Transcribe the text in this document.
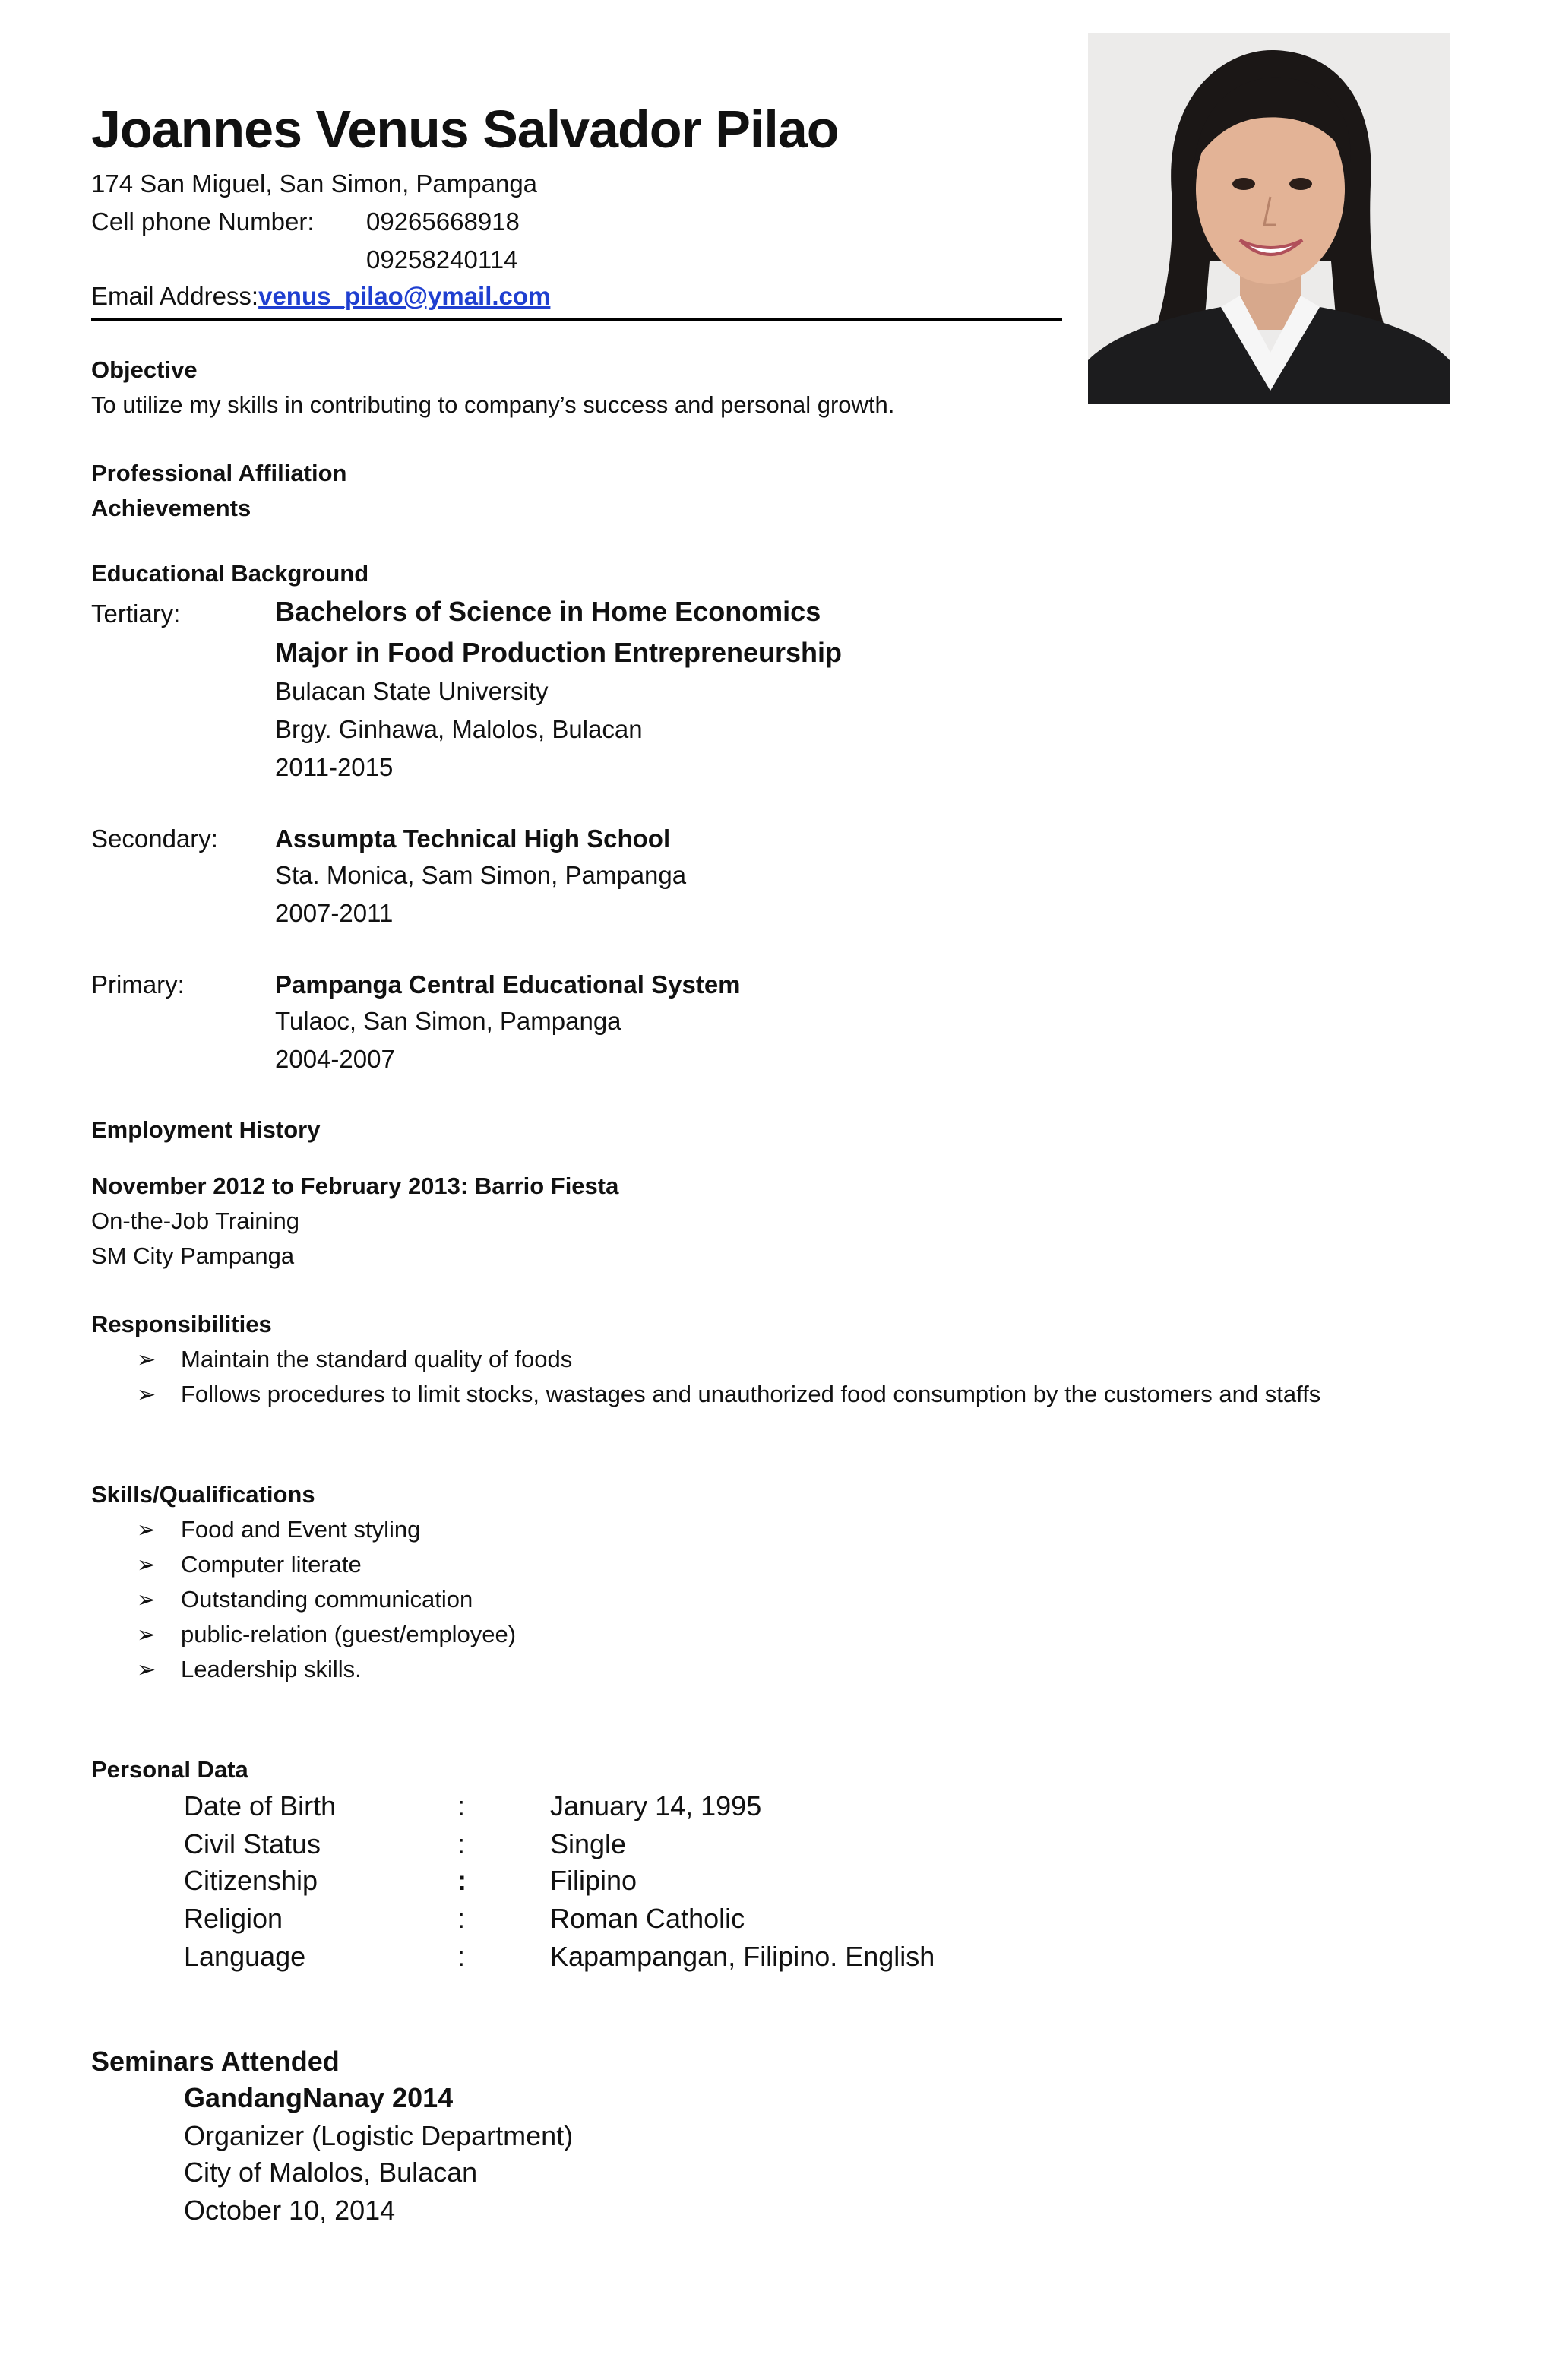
Joannes Venus Salvador Pilao
174 San Miguel, San Simon, Pampanga
Cell phone Number: 09265668918
09258240114
Email Address:venus_pilao@ymail.com
Objective
To utilize my skills in contributing to company’s success and personal growth.
Professional Affiliation
Achievements
Educational Background
Tertiary:	Bachelors of Science in Home Economics
Major in Food Production Entrepreneurship
Bulacan State University
Brgy. Ginhawa, Malolos, Bulacan
2011-2015
Secondary: Assumpta Technical High School
Sta. Monica, Sam Simon, Pampanga
2007-2011
Primary:	Pampanga Central Educational System
Tulaoc, San Simon, Pampanga
2004-2007
Employment History
November 2012 to February 2013: Barrio Fiesta
On-the-Job Training
SM City Pampanga
Responsibilities
➢ Maintain the standard quality of foods
➢ Follows procedures to limit stocks, wastages and unauthorized food consumption by the customers and staffs
Skills/Qualifications
➢ Food and Event styling
➢ Computer literate
➢ Outstanding communication
➢ public-relation (guest/employee)
➢ Leadership skills.
Personal Data
Date of Birth	:	January 14, 1995
Civil Status	:	Single
Citizenship	:	Filipino
Religion	:	Roman Catholic
Language	:	Kapampangan, Filipino. English
Seminars Attended
GandangNanay 2014
Organizer (Logistic Department)
City of Malolos, Bulacan
October 10, 2014
